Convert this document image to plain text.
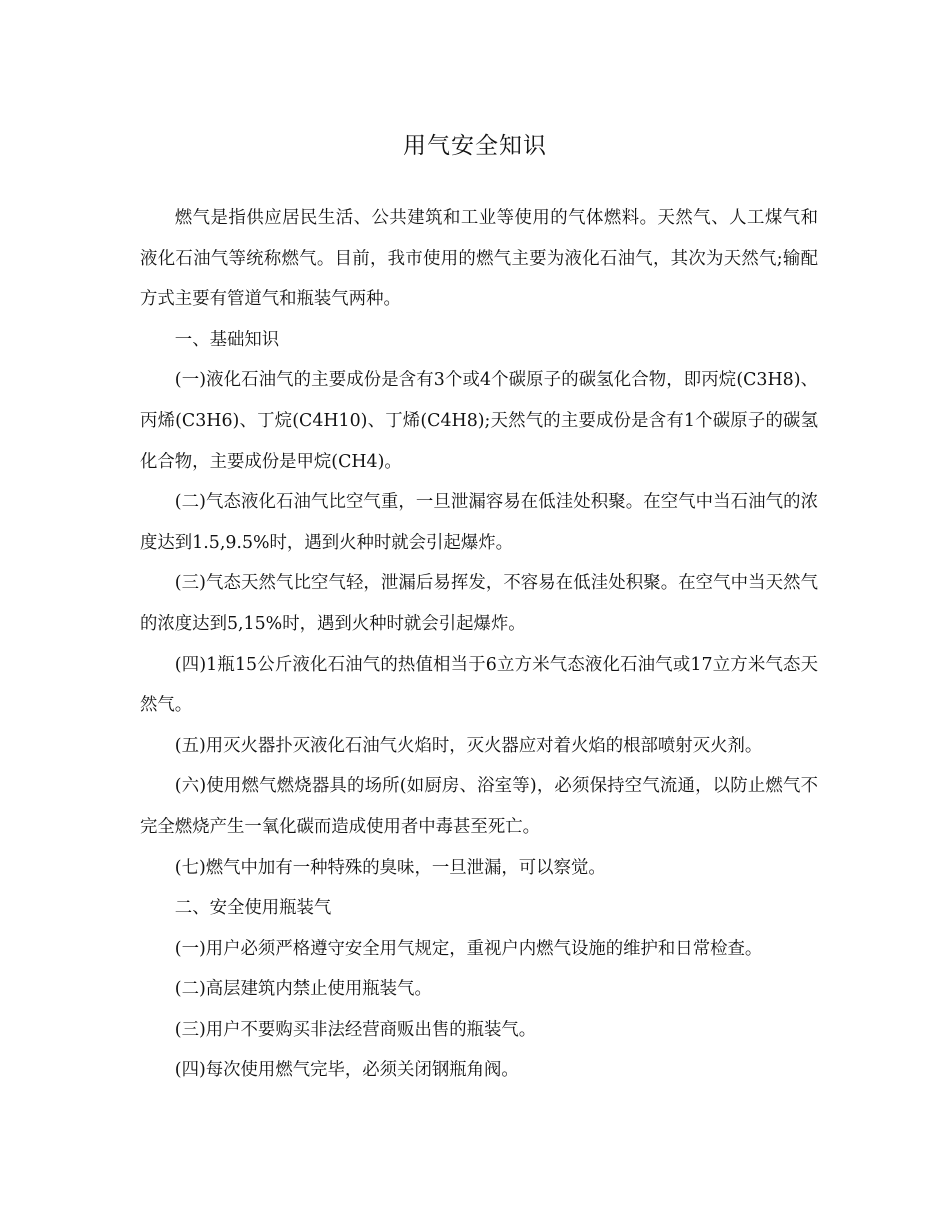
用气安全知识

燃气是指供应居民生活、公共建筑和工业等使用的气体燃料。天然气、人工煤气和液化石油气等统称燃气。目前，我市使用的燃气主要为液化石油气，其次为天然气;输配方式主要有管道气和瓶装气两种。

一、基础知识

(一)液化石油气的主要成份是含有3个或4个碳原子的碳氢化合物，即丙烷(C3H8)、丙烯(C3H6)、丁烷(C4H10)、丁烯(C4H8);天然气的主要成份是含有1个碳原子的碳氢化合物，主要成份是甲烷(CH4)。

(二)气态液化石油气比空气重，一旦泄漏容易在低洼处积聚。在空气中当石油气的浓度达到1.5,9.5%时，遇到火种时就会引起爆炸。

(三)气态天然气比空气轻，泄漏后易挥发，不容易在低洼处积聚。在空气中当天然气的浓度达到5,15%时，遇到火种时就会引起爆炸。

(四)1瓶15公斤液化石油气的热值相当于6立方米气态液化石油气或17立方米气态天然气。

(五)用灭火器扑灭液化石油气火焰时，灭火器应对着火焰的根部喷射灭火剂。

(六)使用燃气燃烧器具的场所(如厨房、浴室等)，必须保持空气流通，以防止燃气不完全燃烧产生一氧化碳而造成使用者中毒甚至死亡。

(七)燃气中加有一种特殊的臭味，一旦泄漏，可以察觉。

二、安全使用瓶装气

(一)用户必须严格遵守安全用气规定，重视户内燃气设施的维护和日常检查。

(二)高层建筑内禁止使用瓶装气。

(三)用户不要购买非法经营商贩出售的瓶装气。

(四)每次使用燃气完毕，必须关闭钢瓶角阀。
